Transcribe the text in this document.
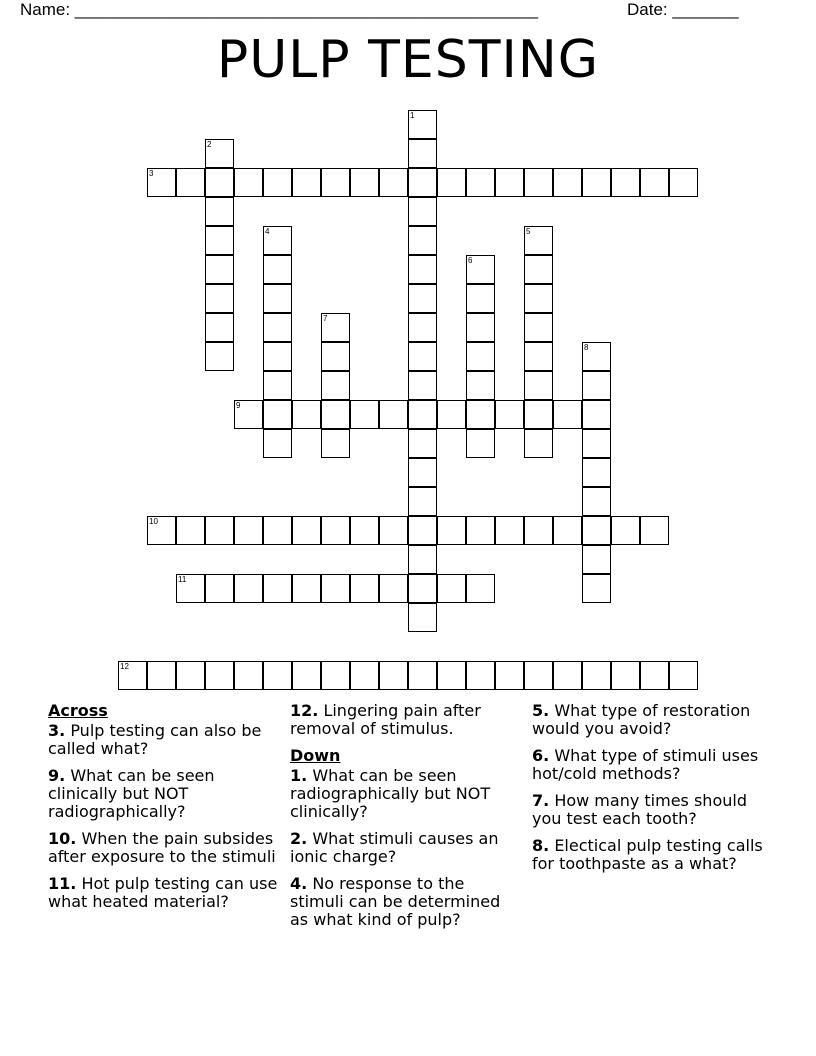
Name: _________________________________________________	Date: _______
PULP TESTING
1
2
3
4	5
6
7
8
9
10
11
12
Across
3. Pulp testing can also be called what?
9. What can be seen clinically but NOT radiographically?
10. When the pain subsides after exposure to the stimuli
11. Hot pulp testing can use what heated material?
12. Lingering pain after removal of stimulus.
Down
1. What can be seen radiographically but NOT clinically?
2. What stimuli causes an ionic charge?
4. No response to the stimuli can be determined as what kind of pulp?
5. What type of restoration would you avoid?
6. What type of stimuli uses hot/cold methods?
7. How many times should you test each tooth?
8. Electical pulp testing calls for toothpaste as a what?
